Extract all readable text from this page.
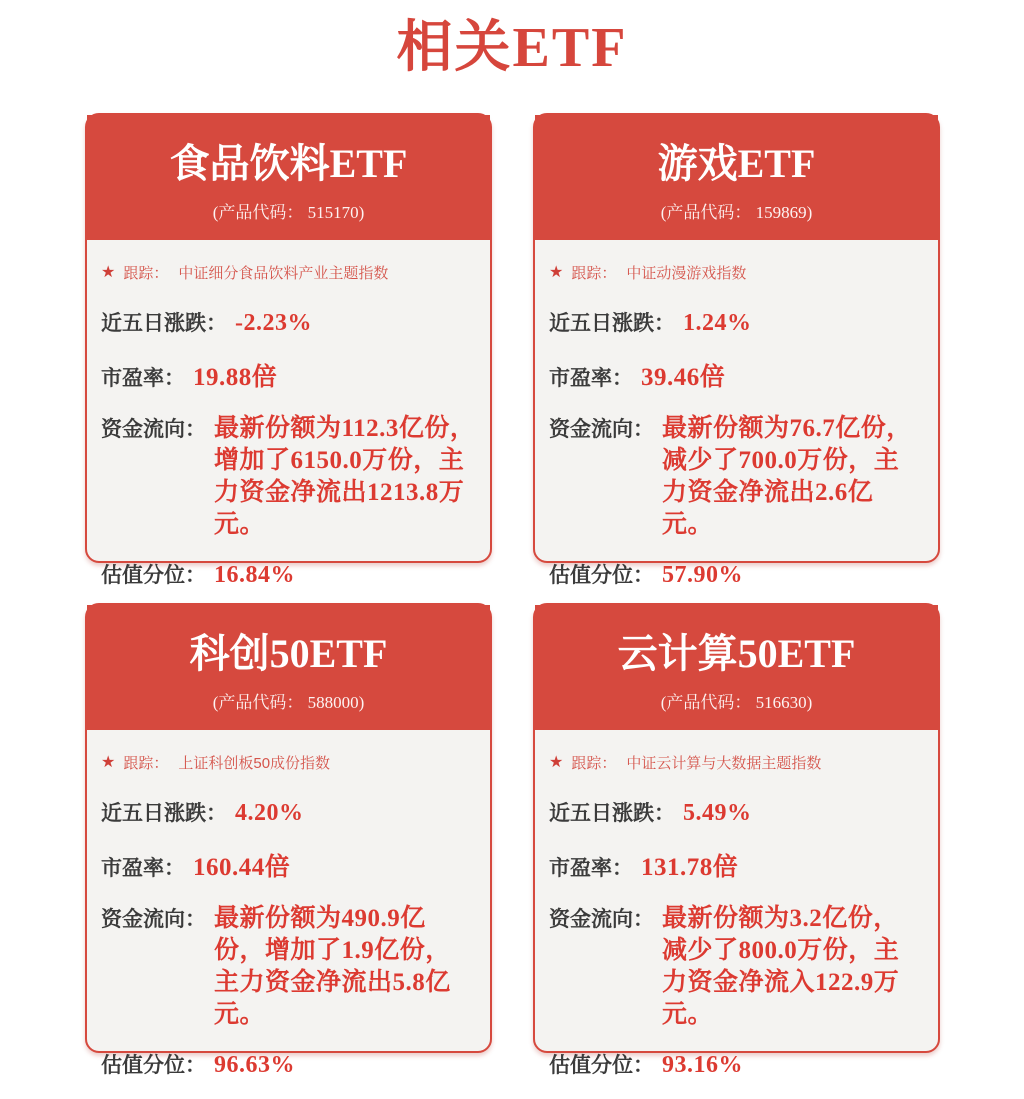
相关ETF
食品饮料ETF
(产品代码： 515170)
★ 跟踪： 中证细分食品饮料产业主题指数
近五日涨跌： -2.23%
市盈率： 19.88倍
资金流向： 最新份额为112.3亿份，增加了6150.0万份，主力资金净流出1213.8万元。
估值分位： 16.84%
游戏ETF
(产品代码： 159869)
★ 跟踪： 中证动漫游戏指数
近五日涨跌： 1.24%
市盈率： 39.46倍
资金流向： 最新份额为76.7亿份，减少了700.0万份，主力资金净流出2.6亿元。
估值分位： 57.90%
科创50ETF
(产品代码： 588000)
★ 跟踪： 上证科创板50成份指数
近五日涨跌： 4.20%
市盈率： 160.44倍
资金流向： 最新份额为490.9亿份，增加了1.9亿份，主力资金净流出5.8亿元。
估值分位： 96.63%
云计算50ETF
(产品代码： 516630)
★ 跟踪： 中证云计算与大数据主题指数
近五日涨跌： 5.49%
市盈率： 131.78倍
资金流向： 最新份额为3.2亿份，减少了800.0万份，主力资金净流入122.9万元。
估值分位： 93.16%
